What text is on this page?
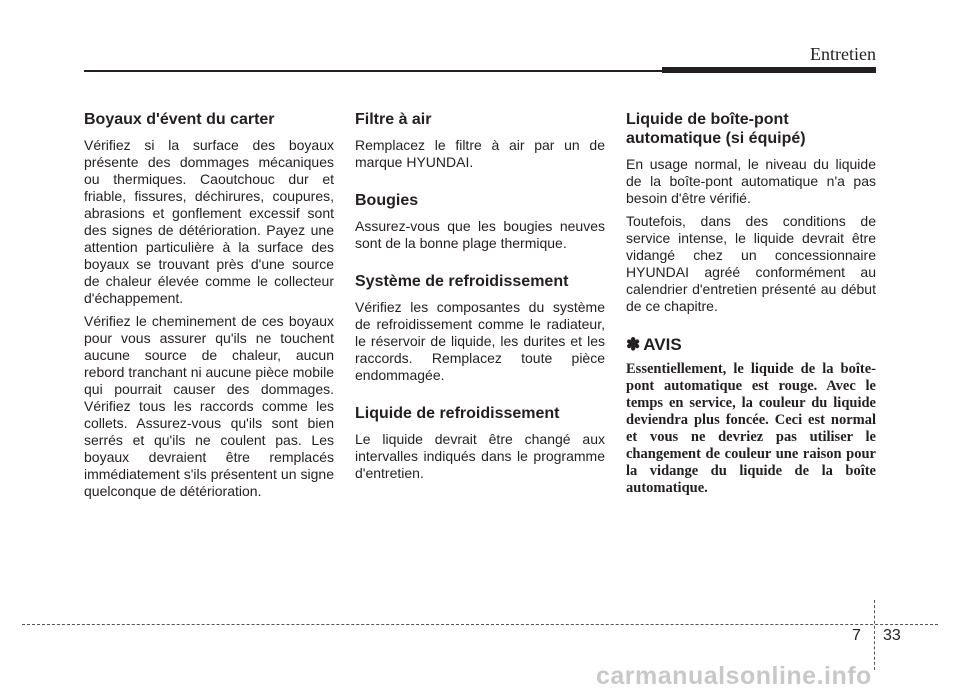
Entretien
Boyaux d'évent du carter

Vérifiez si la surface des boyaux présente des dommages mécaniques ou thermiques. Caoutchouc dur et friable, fissures, déchirures, coupures, abrasions et gonflement excessif sont des signes de détérioration. Payez une attention particulière à la surface des boyaux se trouvant près d'une source de chaleur élevée comme le collecteur d'échappement.

Vérifiez le cheminement de ces boyaux pour vous assurer qu'ils ne touchent aucune source de chaleur, aucun rebord tranchant ni aucune pièce mobile qui pourrait causer des dommages. Vérifiez tous les raccords comme les collets. Assurez-vous qu'ils sont bien serrés et qu'ils ne coulent pas. Les boyaux devraient être remplacés immédiatement s'ils présentent un signe quelconque de détérioration.

Filtre à air

Remplacez le filtre à air par un de marque HYUNDAI.

Bougies

Assurez-vous que les bougies neuves sont de la bonne plage thermique.

Système de refroidissement

Vérifiez les composantes du système de refroidissement comme le radiateur, le réservoir de liquide, les durites et les raccords. Remplacez toute pièce endommagée.

Liquide de refroidissement

Le liquide devrait être changé aux intervalles indiqués dans le programme d'entretien.

Liquide de boîte-pont automatique (si équipé)

En usage normal, le niveau du liquide de la boîte-pont automatique n'a pas besoin d'être vérifié.

Toutefois, dans des conditions de service intense, le liquide devrait être vidangé chez un concessionnaire HYUNDAI agréé conformément au calendrier d'entretien présenté au début de ce chapitre.

✽ AVIS

Essentiellement, le liquide de la boîte-pont automatique est rouge. Avec le temps en service, la couleur du liquide deviendra plus foncée. Ceci est normal et vous ne devriez pas utiliser le changement de couleur une raison pour la vidange du liquide de la boîte automatique.

7 33
carmanualsonline.info
